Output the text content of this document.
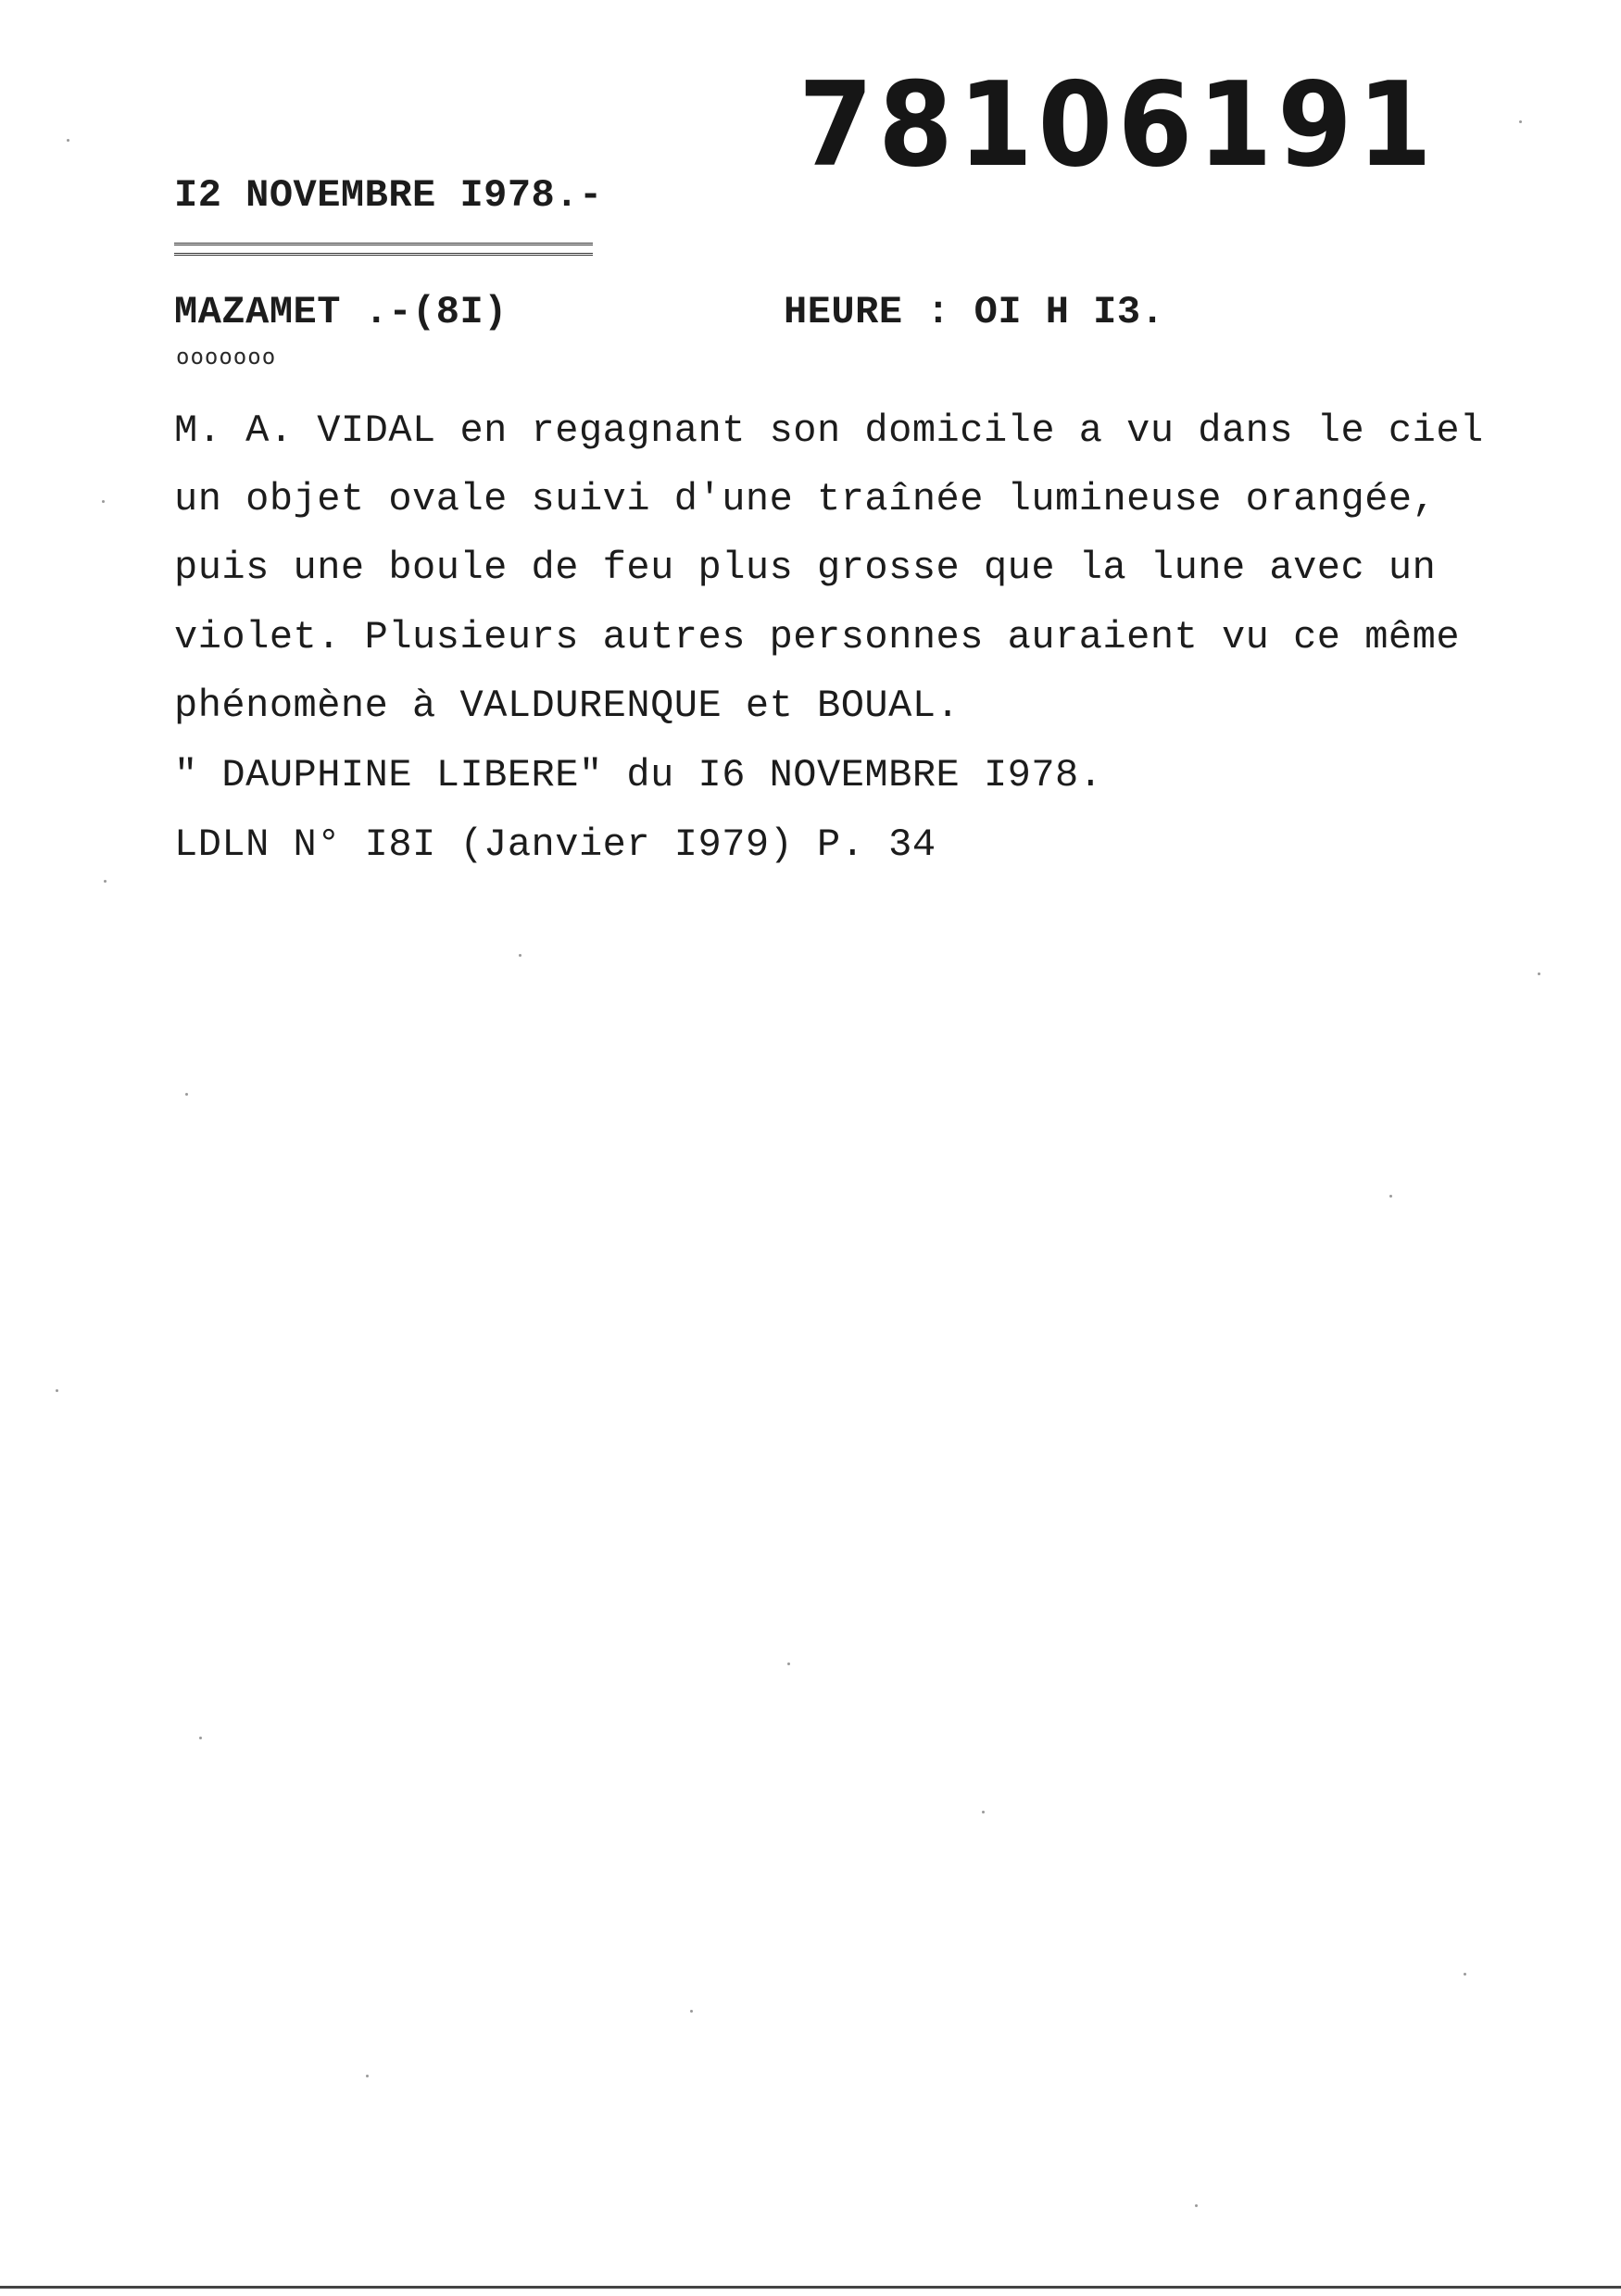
78106191
I2 NOVEMBRE I978.-
MAZAMET .-(8I)
ooooooo
HEURE : OI H I3.
M. A. VIDAL en regagnant son domicile a vu dans le ciel
un objet ovale suivi d'une traînée lumineuse orangée,
puis une boule de feu plus grosse que la lune avec un
violet. Plusieurs autres personnes auraient vu ce même
phénomène à VALDURENQUE et BOUAL.
" DAUPHINE LIBERE" du I6 NOVEMBRE I978.
LDLN N° I8I (Janvier I979) P. 34
